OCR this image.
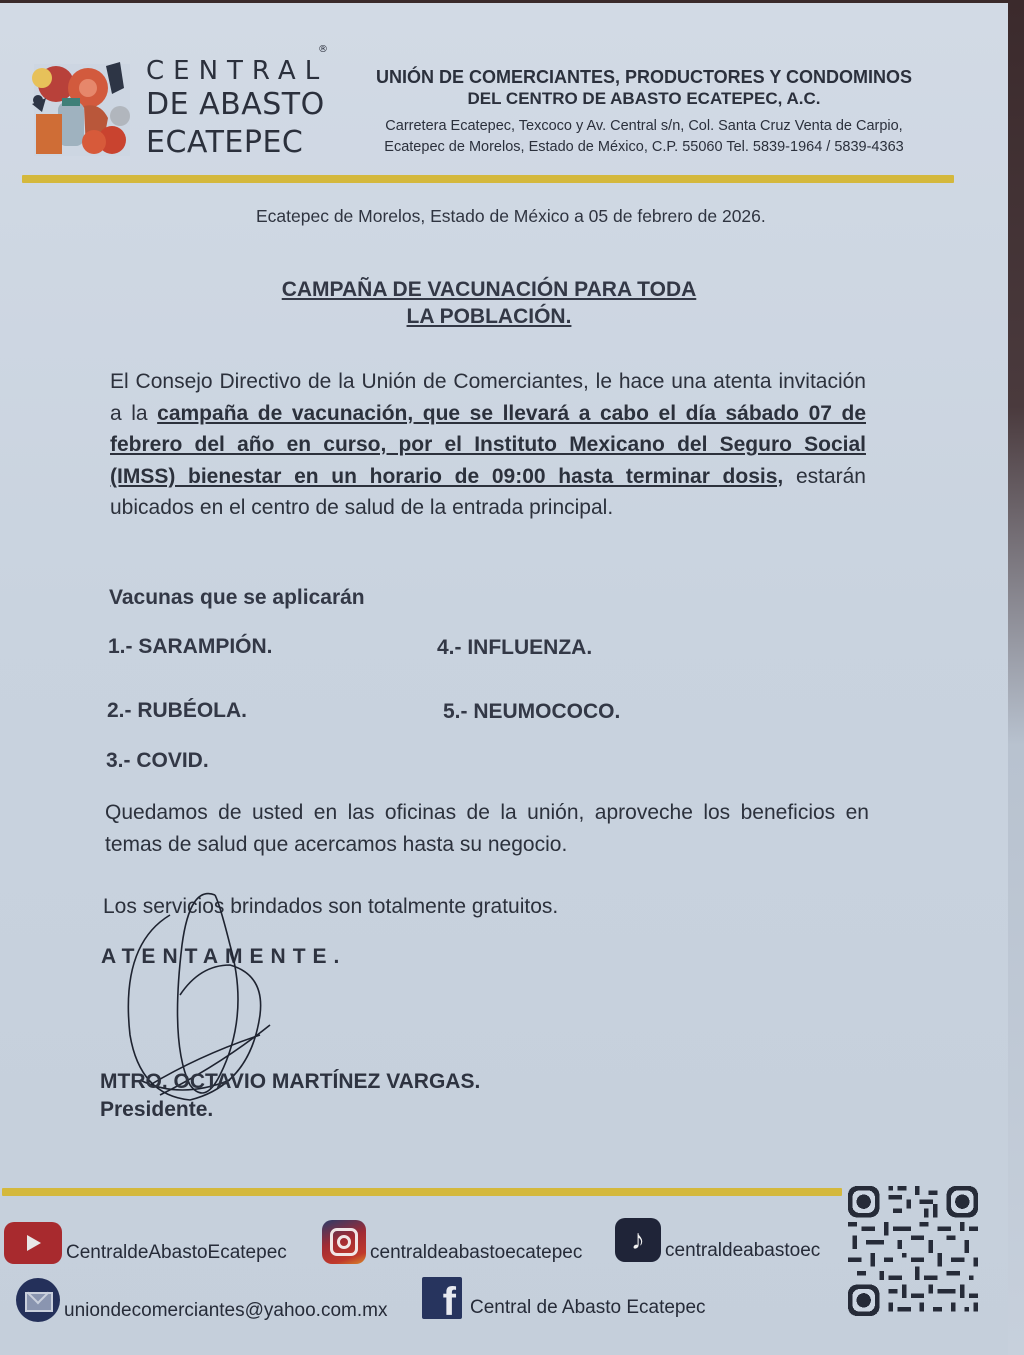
CENTRAL
DE ABASTO
ECATEPEC
®
UNIÓN DE COMERCIANTES, PRODUCTORES Y CONDOMINOS
DEL CENTRO DE ABASTO ECATEPEC, A.C.
Carretera Ecatepec, Texcoco y Av. Central s/n, Col. Santa Cruz Venta de Carpio,
Ecatepec de Morelos, Estado de México, C.P. 55060 Tel. 5839-1964 / 5839-4363
Ecatepec de Morelos, Estado de México a 05 de febrero de 2026.
CAMPAÑA DE VACUNACIÓN PARA TODA
LA POBLACIÓN.

El Consejo Directivo de la Unión de Comerciantes, le hace una atenta invitación a la campaña de vacunación, que se llevará a cabo el día sábado 07 de febrero del año en curso, por el Instituto Mexicano del Seguro Social (IMSS) bienestar en un horario de 09:00 hasta terminar dosis, estarán ubicados en el centro de salud de la entrada principal.

Vacunas que se aplicarán
1.- SARAMPIÓN.
2.- RUBÉOLA.
3.- COVID.
4.- INFLUENZA.
5.- NEUMOCOCO.

Quedamos de usted en las oficinas de la unión, aproveche los beneficios en temas de salud que acercamos hasta su negocio.

Los servicios brindados son totalmente gratuitos.
ATENTAMENTE.
MTRO. OCTAVIO MARTÍNEZ VARGAS.
Presidente.
CentraldeAbastoEcatepec	centraldeabastoecatepec	♪	centraldeabastoec
uniondecomerciantes@yahoo.com.mx	f Central de Abasto Ecatepec
